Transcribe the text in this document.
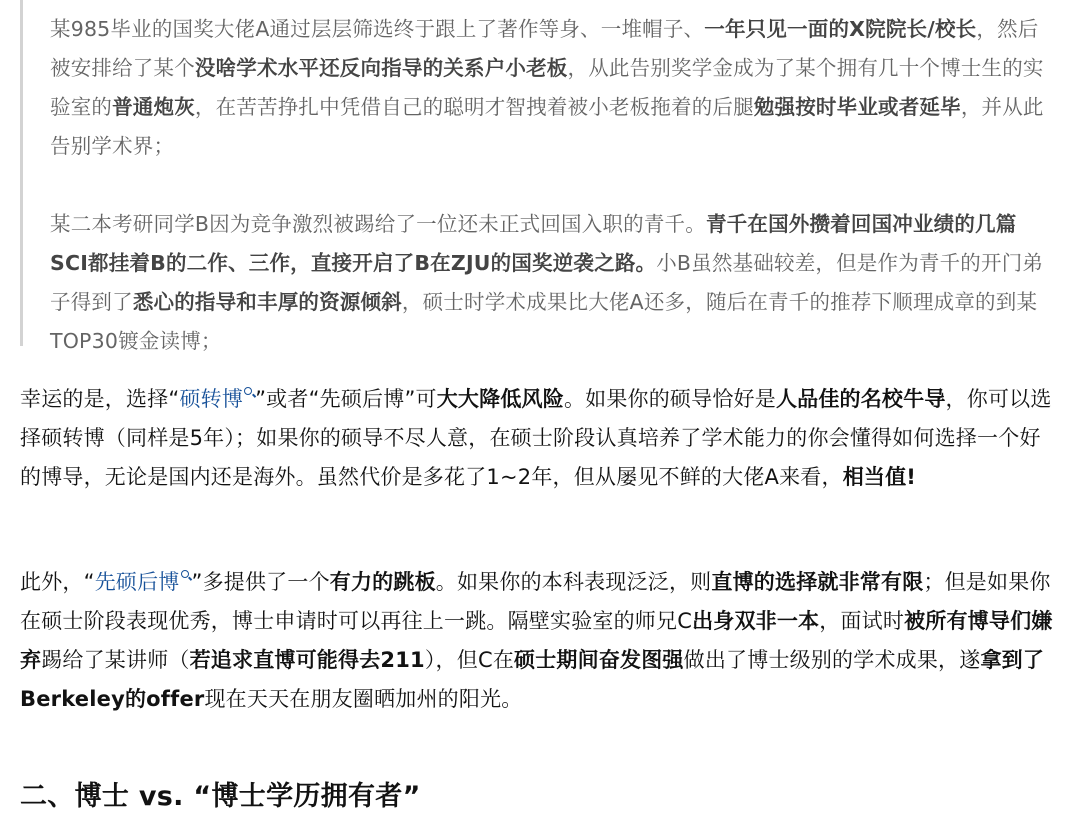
某985毕业的国奖大佬A通过层层筛选终于跟上了著作等身、一堆帽子、一年只见一面的X院院长/校长，然后被安排给了某个没啥学术水平还反向指导的关系户小老板，从此告别奖学金成为了某个拥有几十个博士生的实验室的普通炮灰，在苦苦挣扎中凭借自己的聪明才智拽着被小老板拖着的后腿勉强按时毕业或者延毕，并从此告别学术界；

某二本考研同学B因为竞争激烈被踢给了一位还未正式回国入职的青千。青千在国外攒着回国冲业绩的几篇SCI都挂着B的二作、三作，直接开启了B在ZJU的国奖逆袭之路。小B虽然基础较差，但是作为青千的开门弟子得到了悉心的指导和丰厚的资源倾斜，硕士时学术成果比大佬A还多，随后在青千的推荐下顺理成章的到某TOP30镀金读博；

幸运的是，选择“硕转博 ”或者“先硕后博”可大大降低风险。如果你的硕导恰好是人品佳的名校牛导，你可以选择硕转博（同样是5年）；如果你的硕导不尽人意，在硕士阶段认真培养了学术能力的你会懂得如何选择一个好的博导，无论是国内还是海外。虽然代价是多花了1~2年，但从屡见不鲜的大佬A来看，相当值!

此外，“先硕后博 ”多提供了一个有力的跳板。如果你的本科表现泛泛，则直博的选择就非常有限；但是如果你在硕士阶段表现优秀，博士申请时可以再往上一跳。隔壁实验室的师兄C出身双非一本，面试时被所有博导们嫌弃踢给了某讲师（若追求直博可能得去211），但C在硕士期间奋发图强做出了博士级别的学术成果，遂拿到了Berkeley的offer现在天天在朋友圈晒加州的阳光。

二、博士 vs. “博士学历拥有者”
